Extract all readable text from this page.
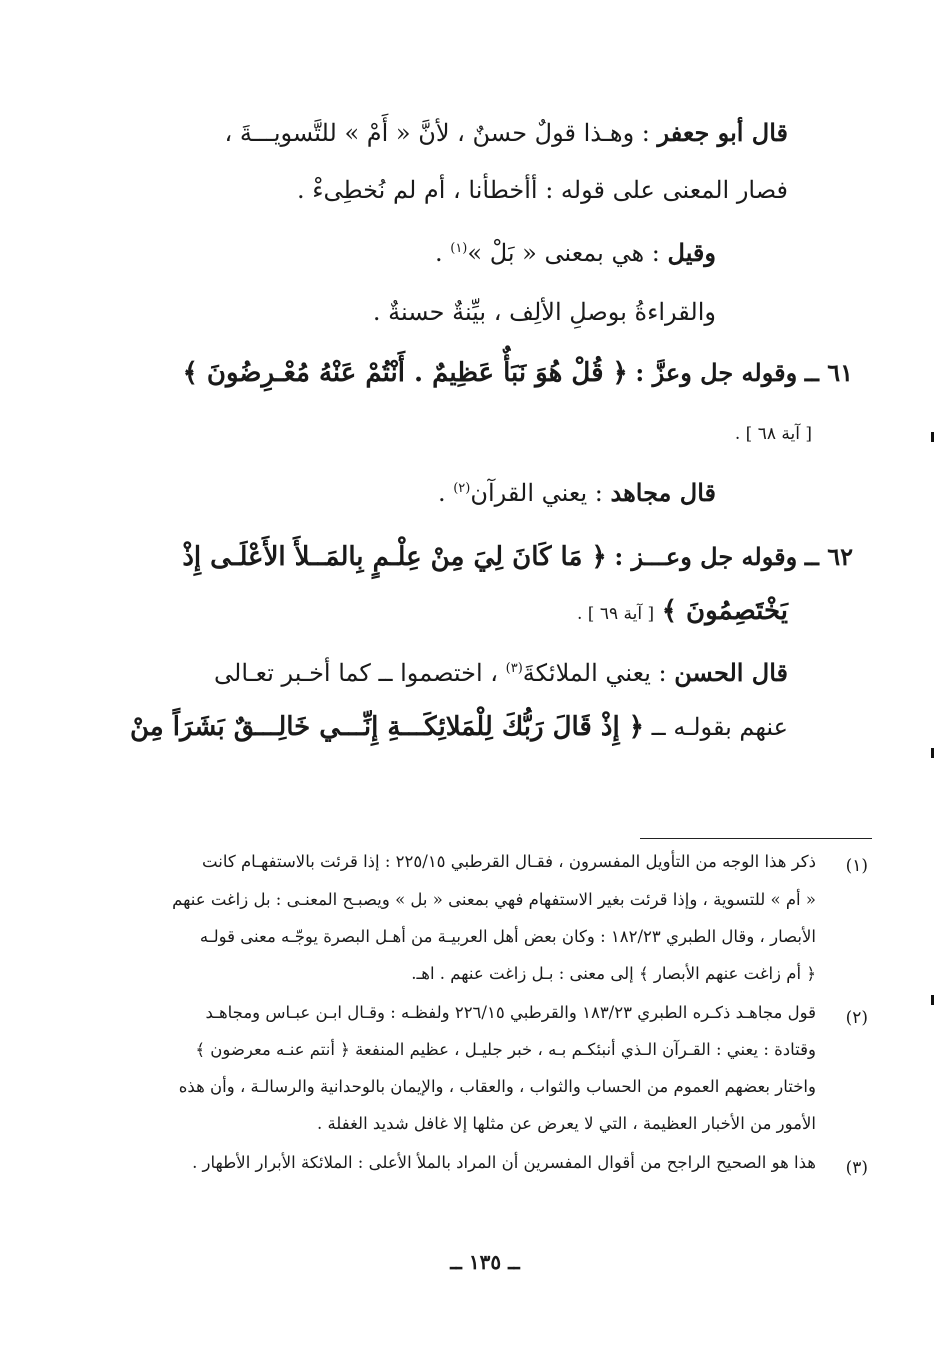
قال أبو جعفر : وهـذا قولٌ حسنٌ ، لأنَّ « أَمْ » للتَّسويـــةَ ،
فصار المعنى على قوله : أأخطأنا ، أم لم نُخطِىءْ .
وقيل : هي بمعنى « بَلْ »$^{(١)}$ .
والقراءةُ بوصلِ الألِف ، بيِّنةٌ حسنةٌ .
٦١ ــ وقوله جل وعزَّ : ﴿ قُلْ هُوَ نَبَأٌ عَظِيمٌ . أَنْتُمْ عَنْهُ مُعْـرِضُونَ ﴾
[ آية ٦٨ ] .
قال مجاهد : يعني القرآن$^{(٢)}$ .
٦٢ ــ وقوله جل وعـــز : ﴿ مَا كَانَ لِيَ مِنْ عِلْـمٍ بِالمَــلأَ الأَعْلَـى إِذْ
يَخْتَصِمُونَ ﴾ [ آية ٦٩ ] .
قال الحسن : يعني الملائكةَ$^{(٣)}$ ، اختصموا ــ كما أخـبر تعـالى
عنهم بقولـه ــ ﴿ إِذْ قَالَ رَبُّكَ لِلْمَلائِكَـــةِ إِنِّـــي خَالِـــقٌ بَشَرَاً مِنْ
(١)
ذكر هذا الوجه من التأويل المفسرون ، فقـال القرطبي ٢٢٥/١٥ : إذا قرئت بالاستفهـام كانت
« أم » للتسوية ، وإذا قرئت بغير الاستفهام فهي بمعنى « بل » ويصبـح المعنـى : بل زاغت عنهم
الأبصار ، وقال الطبري ١٨٢/٢٣ : وكان بعض أهل العربيـة من أهـل البصرة يوجّـه معنى قولـه
﴿ أم زاغت عنهم الأبصار ﴾ إلى معنى : بـل زاغت عنهم . اهـ.
(٢)
قول مجاهـد ذكـره الطبري ١٨٣/٢٣ والقرطبي ٢٢٦/١٥ ولفظـه : وقـال ابـن عبـاس ومجاهـد
وقتادة : يعني : القـرآن الـذي أنبئكـم بـه ، خبر جليـل ، عظيم المنفعة ﴿ أنتم عنـه معرضون ﴾
واختار بعضهم العموم من الحساب والثواب ، والعقاب ، والإيمان بالوحدانية والرسالـة ، وأن هذه
الأمور من الأخبار العظيمة ، التي لا يعرض عن مثلها إلا غافل شديد الغفلة .
(٣)
هذا هو الصحيح الراجح من أقوال المفسرين أن المراد بالملأ الأعلى : الملائكة الأبرار الأطهار .
ــ ١٣٥ ــ
